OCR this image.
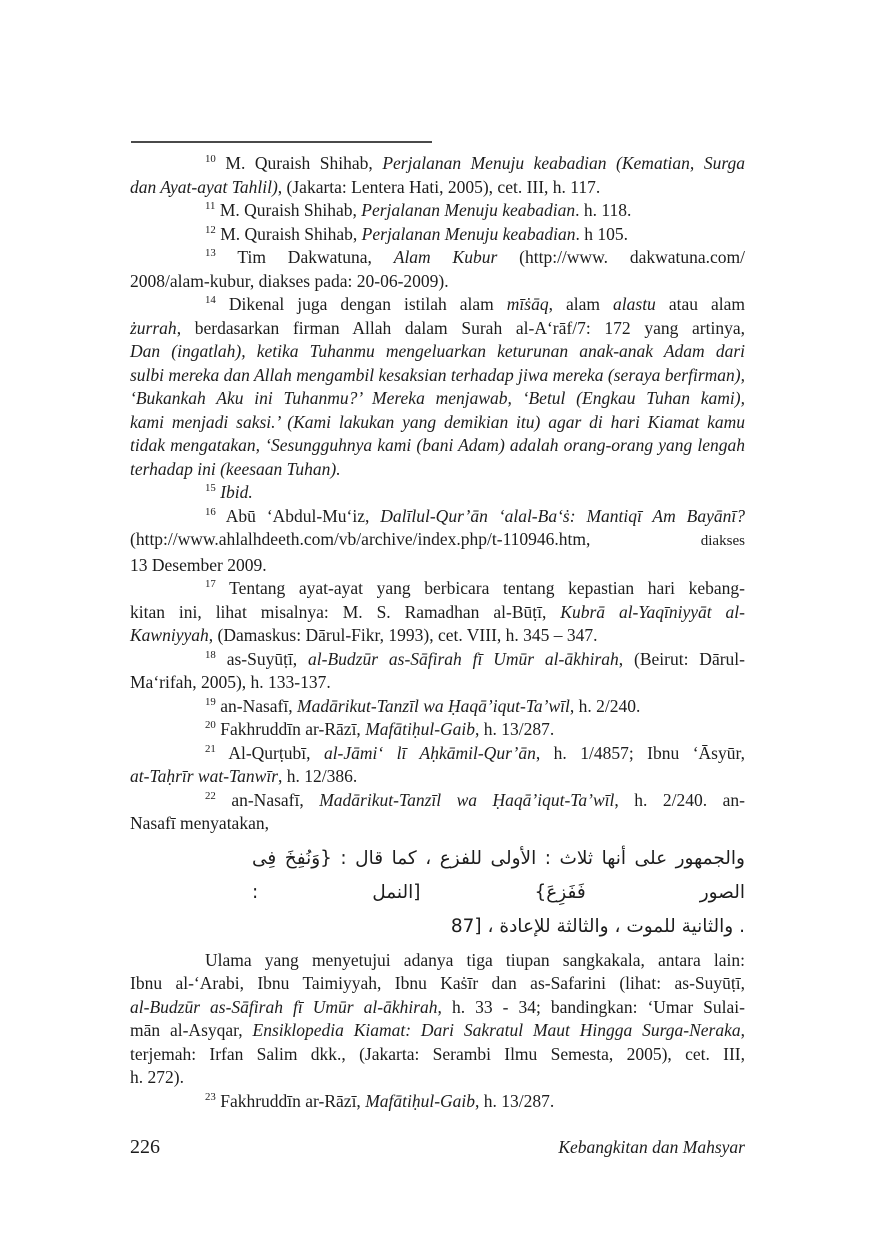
$^{10}$ M. Quraish Shihab, Perjalanan Menuju keabadian (Kematian, Surga
dan Ayat-ayat Tahlil), (Jakarta: Lentera Hati, 2005), cet. III, h. 117.
$^{11}$ M. Quraish Shihab, Perjalanan Menuju keabadian. h. 118.
$^{12}$ M. Quraish Shihab, Perjalanan Menuju keabadian. h 105.
$^{13}$ Tim Dakwatuna, Alam Kubur (http://www. dakwatuna.com/
2008/alam-kubur, diakses pada: 20-06-2009).
$^{14}$ Dikenal juga dengan istilah alam mīṡāq, alam alastu atau alam
żurrah, berdasarkan firman Allah dalam Surah al-A‘rāf/7: 172 yang artinya,
Dan (ingatlah), ketika Tuhanmu mengeluarkan keturunan anak-anak Adam dari
sulbi mereka dan Allah mengambil kesaksian terhadap jiwa mereka (seraya berfirman),
‘Bukankah Aku ini Tuhanmu?’ Mereka menjawab, ‘Betul (Engkau Tuhan kami),
kami menjadi saksi.’ (Kami lakukan yang demikian itu) agar di hari Kiamat kamu
tidak mengatakan, ‘Sesungguhnya kami (bani Adam) adalah orang-orang yang lengah
terhadap ini (keesaan Tuhan).
$^{15}$ Ibid.
$^{16}$ Abū ‘Abdul-Mu‘iz, Dalīlul-Qur’ān ‘alal-Ba‘ṡ: Mantiqī Am Bayānī?
(http://www.ahlalhdeeth.com/vb/archive/index.php/t-110946.htm, diakses
13 Desember 2009.
$^{17}$ Tentang ayat-ayat yang berbicara tentang kepastian hari kebang-
kitan ini, lihat misalnya: M. S. Ramadhan al-Būṭī, Kubrā al-Yaqīniyyāt al-
Kawniyyah, (Damaskus: Dārul-Fikr, 1993), cet. VIII, h. 345 – 347.
$^{18}$ as-Suyūṭī, al-Budzūr as-Sāfirah fī Umūr al-ākhirah, (Beirut: Dārul-
Ma‘rifah, 2005), h. 133-137.
$^{19}$ an-Nasafī, Madārikut-Tanzīl wa Ḥaqā’iqut-Ta’wīl, h. 2/240.
$^{20}$ Fakhruddīn ar-Rāzī, Mafātiḥul-Gaib, h. 13/287.
$^{21}$ Al-Qurṭubī, al-Jāmi‘ lī Aḥkāmil-Qur’ān, h. 1/4857; Ibnu ‘Āsyūr,
at-Taḥrīr wat-Tanwīr, h. 12/386.
$^{22}$ an-Nasafī, Madārikut-Tanzīl wa Ḥaqā’iqut-Ta’wīl, h. 2/240. an-
Nasafī menyatakan,
والجمهور على أنها ثلاث : الأولى للفزع ، كما قال : {وَنُفِخَ فِى الصور فَفَزِعَ} [النمل :
87] ، والثانية للموت ، والثالثة للإعادة .
Ulama yang menyetujui adanya tiga tiupan sangkakala, antara lain:
Ibnu al-‘Arabi, Ibnu Taimiyyah, Ibnu Kaṡīr dan as-Safarini (lihat: as-Suyūṭī,
al-Budzūr as-Sāfirah fī Umūr al-ākhirah, h. 33 - 34; bandingkan: ‘Umar Sulai-
mān al-Asyqar, Ensiklopedia Kiamat: Dari Sakratul Maut Hingga Surga-Neraka,
terjemah: Irfan Salim dkk., (Jakarta: Serambi Ilmu Semesta, 2005), cet. III,
h. 272).
$^{23}$ Fakhruddīn ar-Rāzī, Mafātiḥul-Gaib, h. 13/287.
226	Kebangkitan dan Mahsyar
